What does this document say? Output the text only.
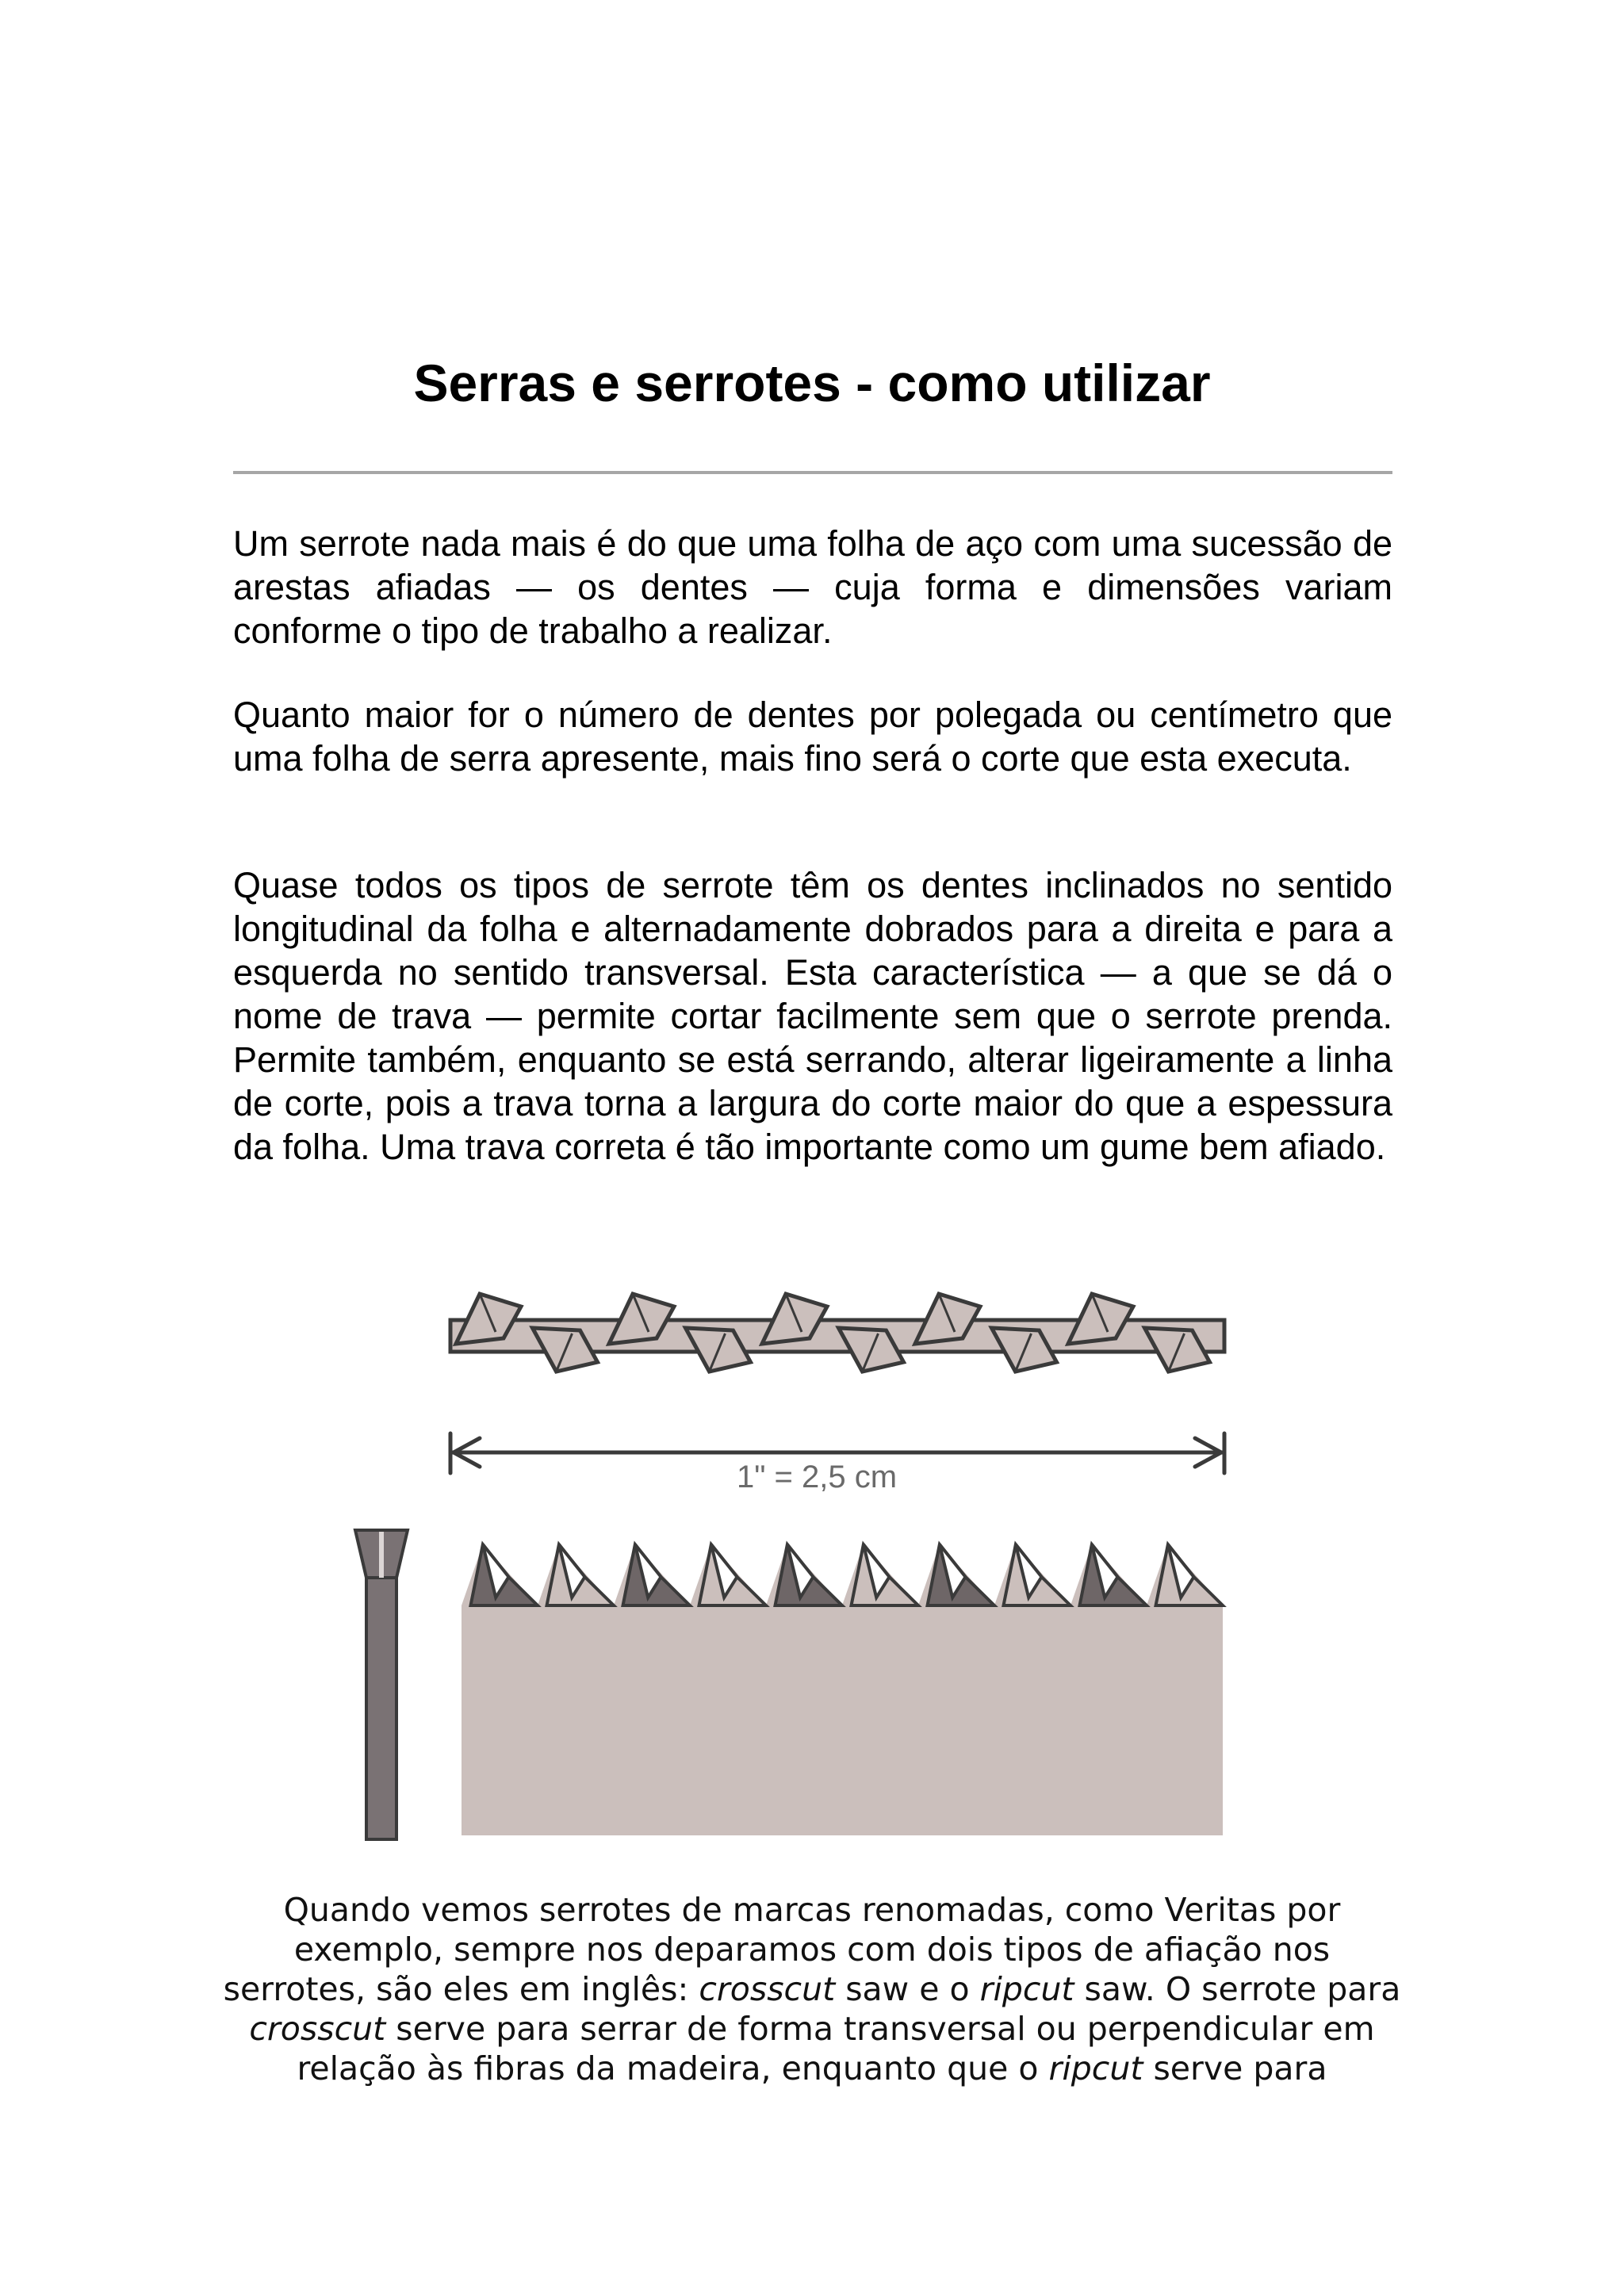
Serras e serrotes - como utilizar
Um serrote nada mais é do que uma folha de aço com uma sucessão de arestas afiadas — os dentes — cuja forma e dimensões variam conforme o tipo de trabalho a realizar.
Quanto maior for o número de dentes por polegada ou centímetro que uma folha de serra apresente, mais fino será o corte que esta executa.
Quase todos os tipos de serrote têm os dentes inclinados no sentido longitudinal da folha e alternadamente dobrados para a direita e para a esquerda no sentido transversal. Esta característica — a que se dá o nome de trava — permite cortar facilmente sem que o serrote prenda. Permite também, enquanto se está serrando, alterar ligeiramente a linha de corte, pois a trava torna a largura do corte maior do que a espessura da folha. Uma trava correta é tão importante como um gume bem afiado.
1" = 2,5 cm
Quando vemos serrotes de marcas renomadas, como Veritas por exemplo, sempre nos deparamos com dois tipos de afiação nos serrotes, são eles em inglês: crosscut saw e o ripcut saw. O serrote para crosscut serve para serrar de forma transversal ou perpendicular em relação às fibras da madeira, enquanto que o ripcut serve para
